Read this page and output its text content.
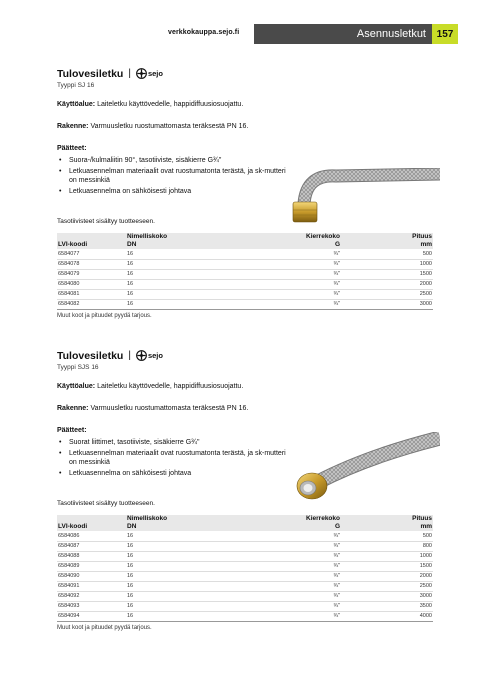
verkkokauppa.sejo.fi	Asennusletkut	157
Tulovesiletku | sejo
Tyyppi SJ 16

Käyttöalue: Laiteletku käyttövedelle, happidiffuusiosuojattu.

Rakenne: Varmuusletku ruostumattomasta teräksestä PN 16.

Päätteet:

• Suora-/kulmaliitin 90°, tasotiiviste, sisäkierre G¾"
• Letkuasennelman materiaalit ovat ruostumatonta terästä, ja sk-mutteri on messinkiä
• Letkuasennelma on sähköisesti johtava

Tasotiivisteet sisältyy tuotteeseen.

	Nimelliskoko	Kierrekoko	Pituus
LVI-koodi	DN	G	mm
6584077	16	¾"	500
6584078	16	¾"	1000
6584079	16	¾"	1500
6584080	16	¾"	2000
6584081	16	¾"	2500
6584082	16	¾"	3000

Muut koot ja pituudet pyydä tarjous.

Tulovesiletku | sejo
Tyyppi SJS 16

Käyttöalue: Laiteletku käyttövedelle, happidiffuusiosuojattu.

Rakenne: Varmuusletku ruostumattomasta teräksestä PN 16.

Päätteet:

• Suorat liittimet, tasotiiviste, sisäkierre G¾"
• Letkuasennelman materiaalit ovat ruostumatonta terästä, ja sk-mutteri on messinkiä
• Letkuasennelma on sähköisesti johtava

Tasotiivisteet sisältyy tuotteeseen.

	Nimelliskoko	Kierrekoko	Pituus
LVI-koodi	DN	G	mm
6584086	16	¾"	500
6584087	16	¾"	800
6584088	16	¾"	1000
6584089	16	¾"	1500
6584090	16	¾"	2000
6584091	16	¾"	2500
6584092	16	¾"	3000
6584093	16	¾"	3500
6584094	16	¾"	4000

Muut koot ja pituudet pyydä tarjous.
